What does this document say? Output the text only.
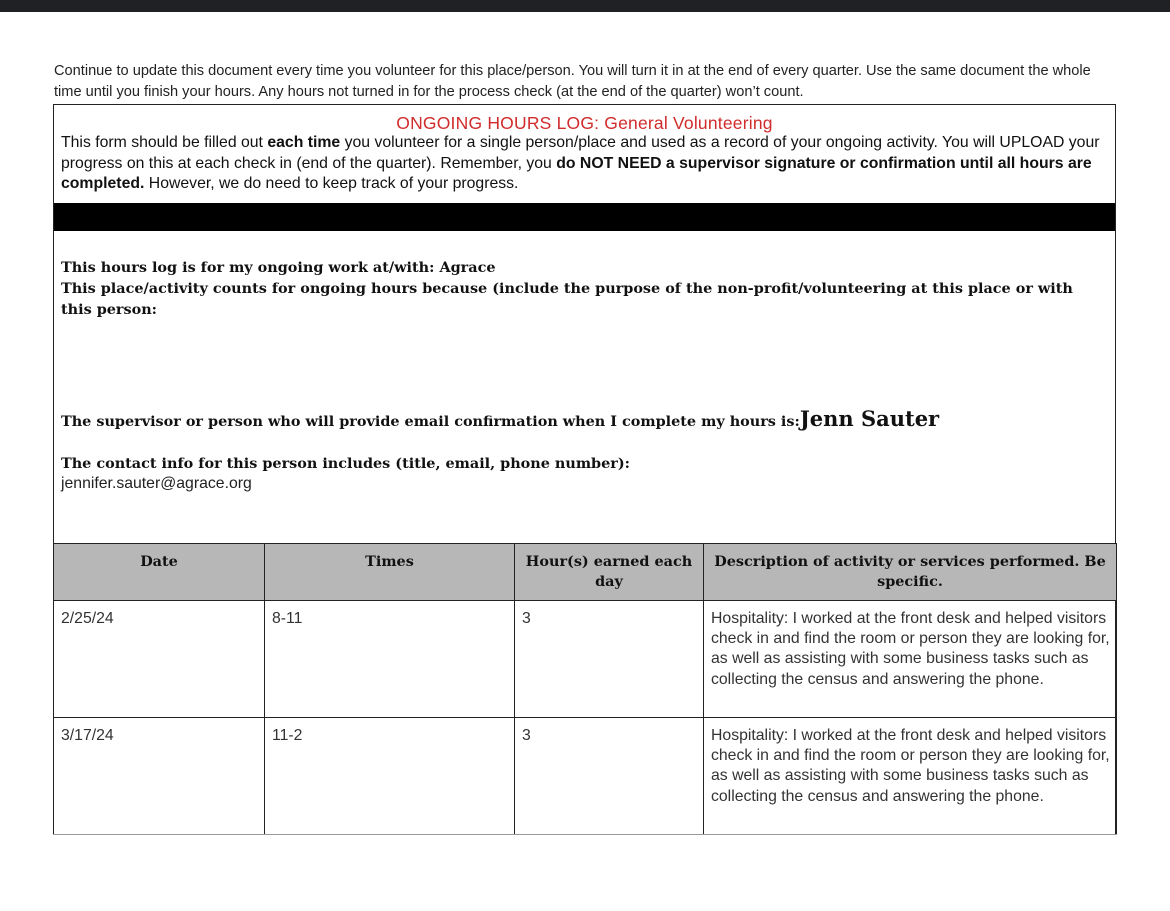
Continue to update this document every time you volunteer for this place/person. You will turn it in at the end of every quarter. Use the same document the whole time until you finish your hours. Any hours not turned in for the process check (at the end of the quarter) won’t count.
ONGOING HOURS LOG: General Volunteering
This form should be filled out each time you volunteer for a single person/place and used as a record of your ongoing activity. You will UPLOAD your progress on this at each check in (end of the quarter). Remember, you do NOT NEED a supervisor signature or confirmation until all hours are completed. However, we do need to keep track of your progress.
This hours log is for my ongoing work at/with: Agrace
This place/activity counts for ongoing hours because (include the purpose of the non-profit/volunteering at this place or with this person:
The supervisor or person who will provide email confirmation when I complete my hours is:Jenn Sauter
The contact info for this person includes (title, email, phone number):
jennifer.sauter@agrace.org
Date	Times	Hour(s) earned each day	Description of activity or services performed. Be specific.
2/25/24	8-11	3	Hospitality: I worked at the front desk and helped visitors check in and find the room or person they are looking for, as well as assisting with some business tasks such as collecting the census and answering the phone.
3/17/24	11-2	3	Hospitality: I worked at the front desk and helped visitors check in and find the room or person they are looking for, as well as assisting with some business tasks such as collecting the census and answering the phone.
